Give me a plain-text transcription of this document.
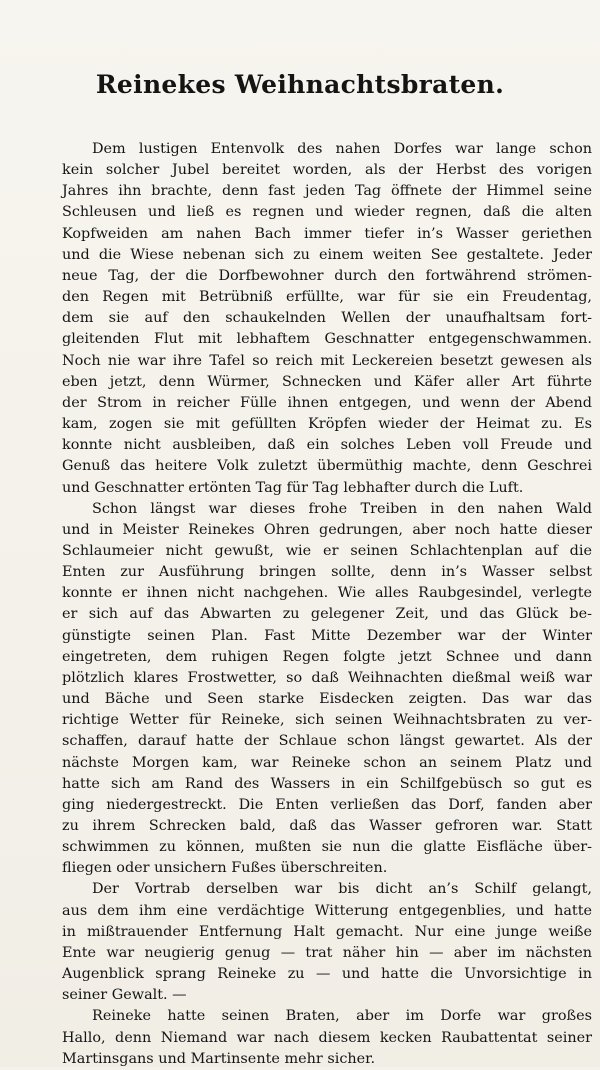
Reinekes Weihnachtsbraten.
Dem lustigen Entenvolk des nahen Dorfes war lange schon
kein solcher Jubel bereitet worden, als der Herbst des vorigen
Jahres ihn brachte, denn fast jeden Tag öffnete der Himmel seine
Schleusen und ließ es regnen und wieder regnen, daß die alten
Kopfweiden am nahen Bach immer tiefer in’s Wasser geriethen
und die Wiese nebenan sich zu einem weiten See gestaltete. Jeder
neue Tag, der die Dorfbewohner durch den fortwährend strömen-
den Regen mit Betrübniß erfüllte, war für sie ein Freudentag,
dem sie auf den schaukelnden Wellen der unaufhaltsam fort-
gleitenden Flut mit lebhaftem Geschnatter entgegenschwammen.
Noch nie war ihre Tafel so reich mit Leckereien besetzt gewesen als
eben jetzt, denn Würmer, Schnecken und Käfer aller Art führte
der Strom in reicher Fülle ihnen entgegen, und wenn der Abend
kam, zogen sie mit gefüllten Kröpfen wieder der Heimat zu. Es
konnte nicht ausbleiben, daß ein solches Leben voll Freude und
Genuß das heitere Volk zuletzt übermüthig machte, denn Geschrei
und Geschnatter ertönten Tag für Tag lebhafter durch die Luft.
Schon längst war dieses frohe Treiben in den nahen Wald
und in Meister Reinekes Ohren gedrungen, aber noch hatte dieser
Schlaumeier nicht gewußt, wie er seinen Schlachtenplan auf die
Enten zur Ausführung bringen sollte, denn in’s Wasser selbst
konnte er ihnen nicht nachgehen. Wie alles Raubgesindel, verlegte
er sich auf das Abwarten zu gelegener Zeit, und das Glück be-
günstigte seinen Plan. Fast Mitte Dezember war der Winter
eingetreten, dem ruhigen Regen folgte jetzt Schnee und dann
plötzlich klares Frostwetter, so daß Weihnachten dießmal weiß war
und Bäche und Seen starke Eisdecken zeigten. Das war das
richtige Wetter für Reineke, sich seinen Weihnachtsbraten zu ver-
schaffen, darauf hatte der Schlaue schon längst gewartet. Als der
nächste Morgen kam, war Reineke schon an seinem Platz und
hatte sich am Rand des Wassers in ein Schilfgebüsch so gut es
ging niedergestreckt. Die Enten verließen das Dorf, fanden aber
zu ihrem Schrecken bald, daß das Wasser gefroren war. Statt
schwimmen zu können, mußten sie nun die glatte Eisfläche über-
fliegen oder unsichern Fußes überschreiten.
Der Vortrab derselben war bis dicht an’s Schilf gelangt,
aus dem ihm eine verdächtige Witterung entgegenblies, und hatte
in mißtrauender Entfernung Halt gemacht. Nur eine junge weiße
Ente war neugierig genug — trat näher hin — aber im nächsten
Augenblick sprang Reineke zu — und hatte die Unvorsichtige in
seiner Gewalt. —
Reineke hatte seinen Braten, aber im Dorfe war großes
Hallo, denn Niemand war nach diesem kecken Raubattentat seiner
Martinsgans und Martinsente mehr sicher.
